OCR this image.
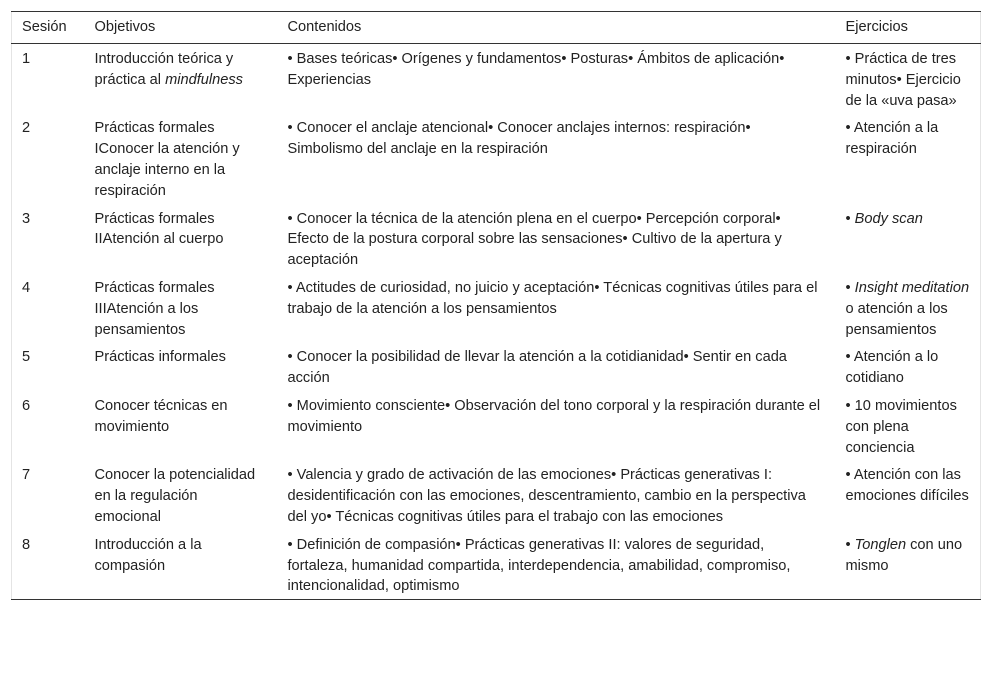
Sesión	Objetivos	Contenidos	Ejercicios
1	Introducción teórica y práctica al mindfulness	• Bases teóricas• Orígenes y fundamentos• Posturas• Ámbitos de aplicación• Experiencias	• Práctica de tres minutos• Ejercicio de la «uva pasa»
2	Prácticas formales IConocer la atención y anclaje interno en la respiración	• Conocer el anclaje atencional• Conocer anclajes internos: respiración• Simbolismo del anclaje en la respiración	• Atención a la respiración
3	Prácticas formales IIAtención al cuerpo	• Conocer la técnica de la atención plena en el cuerpo• Percepción corporal• Efecto de la postura corporal sobre las sensaciones• Cultivo de la apertura y aceptación	• Body scan
4	Prácticas formales IIIAtención a los pensamientos	• Actitudes de curiosidad, no juicio y aceptación• Técnicas cognitivas útiles para el trabajo de la atención a los pensamientos	• Insight meditation o atención a los pensamientos
5	Prácticas informales	• Conocer la posibilidad de llevar la atención a la cotidianidad• Sentir en cada acción	• Atención a lo cotidiano
6	Conocer técnicas en movimiento	• Movimiento consciente• Observación del tono corporal y la respiración durante el movimiento	• 10 movimientos con plena conciencia
7	Conocer la potencialidad en la regulación emocional	• Valencia y grado de activación de las emociones• Prácticas generativas I: desidentificación con las emociones, descentramiento, cambio en la perspectiva del yo• Técnicas cognitivas útiles para el trabajo con las emociones	• Atención con las emociones difíciles
8	Introducción a la compasión	• Definición de compasión• Prácticas generativas II: valores de seguridad, fortaleza, humanidad compartida, interdependencia, amabilidad, compromiso, intencionalidad, optimismo	• Tonglen con uno mismo
